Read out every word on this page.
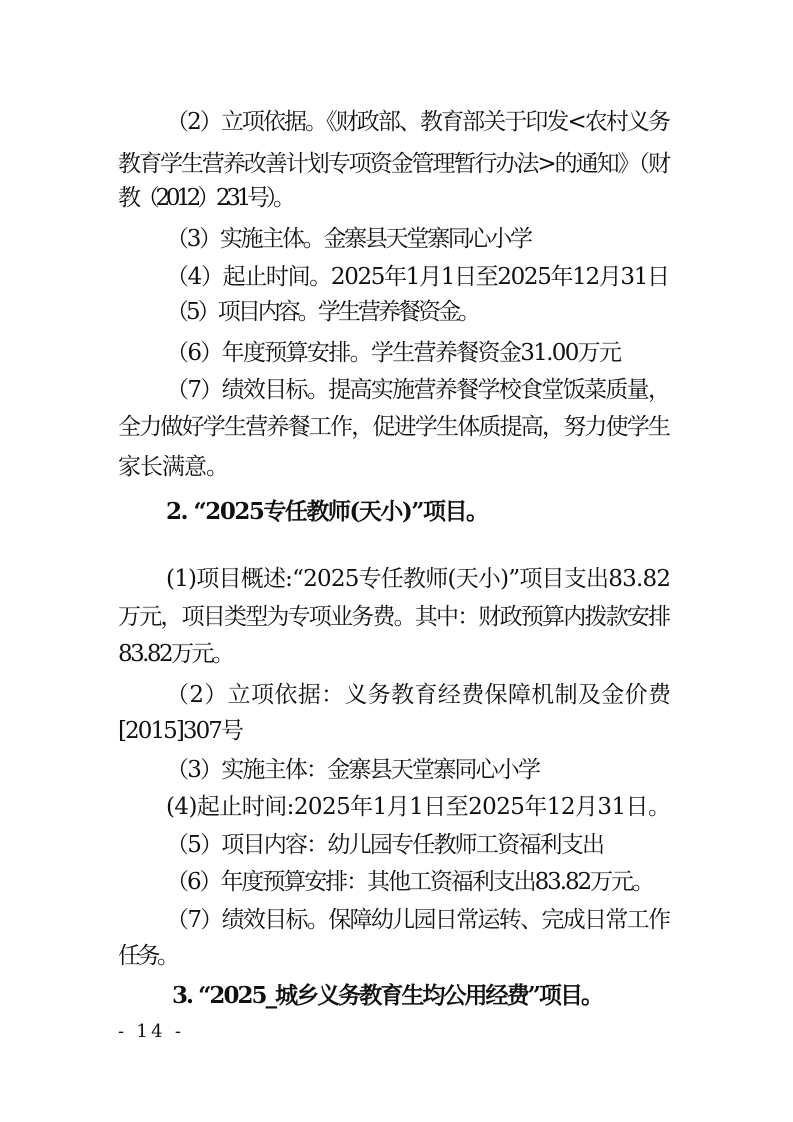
（2）立项依据。《财政部、教育部关于印发<农村义务
教育学生营养改善计划专项资金管理暂行办法>的通知》（财
教（2012）231号）。
（3）实施主体。金寨县天堂寨同心小学
（4）起止时间。2025年1月1日至2025年12月31日
（5）项目内容。学生营养餐资金。
（6）年度预算安排。学生营养餐资金31.00万元
（7）绩效目标。提高实施营养餐学校食堂饭菜质量，
全力做好学生营养餐工作，促进学生体质提高，努力使学生
家长满意。
2. “2025专任教师(天小)”项目。
(1)项目概述:“2025专任教师(天小)”项目支出83.82
万元，项目类型为专项业务费。其中：财政预算内拨款安排
83.82万元。
（2）立项依据：义务教育经费保障机制及金价费
[2015]307号
（3）实施主体：金寨县天堂寨同心小学
(4)起止时间:2025年1月1日至2025年12月31日。
（5）项目内容：幼儿园专任教师工资福利支出
（6）年度预算安排：其他工资福利支出83.82万元。
（7）绩效目标。保障幼儿园日常运转、完成日常工作
任务。
3. “2025_城乡义务教育生均公用经费”项目。
- 14 -
